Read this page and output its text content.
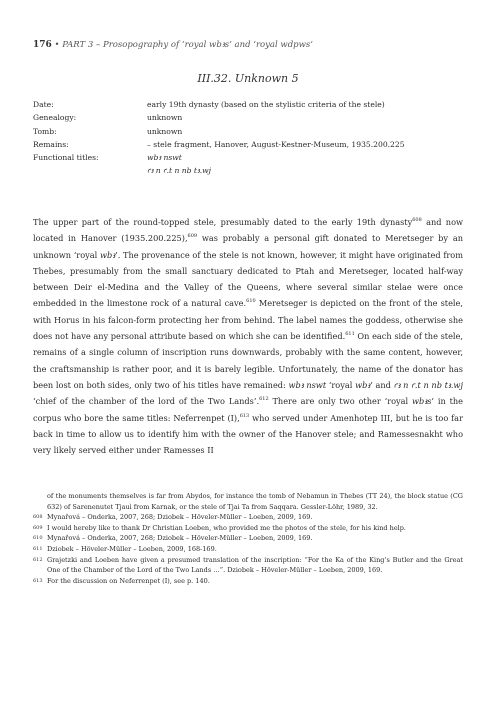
176 • PART 3 – Prosopography of ‘royal wbꜣs’ and ‘royal wdpws’
III.32. Unknown 5
Date:	early 19th dynasty (based on the stylistic criteria of the stele)
Genealogy:	unknown
Tomb:	unknown
Remains:	– stele fragment, Hanover, August-Kestner-Museum, 1935.200.225
Functional titles:	wbꜣ nswt
ꜥꜣ n ꜥ.t n nb tꜣ.wj
The upper part of the round-topped stele, presumably dated to the early 19th dynasty$^{608}$ and now located in Hanover (1935.200.225),$^{609}$ was probably a personal gift donated to Meretseger by an unknown ‘royal wbꜣ’. The provenance of the stele is not known, however, it might have originated from Thebes, presumably from the small sanctuary dedicated to Ptah and Meretseger, located half-way between Deir el-Medina and the Valley of the Queens, where several similar stelae were once embedded in the limestone rock of a natural cave.$^{610}$ Meretseger is depicted on the front of the stele, with Horus in his falcon-form protecting her from behind. The label names the goddess, otherwise she does not have any personal attribute based on which she can be identified.$^{611}$ On each side of the stele, remains of a single column of inscription runs downwards, probably with the same content, however, the craftsmanship is rather poor, and it is barely legible. Unfortunately, the name of the donator has been lost on both sides, only two of his titles have remained: wbꜣ nswt ‘royal wbꜣ’ and ꜥꜣ n ꜥ.t n nb tꜣ.wj ‘chief of the chamber of the lord of the Two Lands’.$^{612}$ There are only two other ‘royal wbꜣs’ in the corpus who bore the same titles: Neferrenpet (I),$^{613}$ who served under Amenhotep III, but he is too far back in time to allow us to identify him with the owner of the Hanover stele; and Ramessesnakht who very likely served either under Ramesses II
of the monuments themselves is far from Abydos, for instance the tomb of Nebamun in Thebes (TT 24), the block statue (CG 632) of Sarenenutet Tjauì from Karnak, or the stele of Tjai Ta from Saqqara. Gessler-Löhr, 1989, 32.
608 Mynařová – Onderka, 2007, 268; Dziobek – Höveler-Müller – Loeben, 2009, 169.
609 I would hereby like to thank Dr Christian Loeben, who provided me the photos of the stele, for his kind help.
610 Mynařová – Onderka, 2007, 268; Dziobek – Höveler-Müller – Loeben, 2009, 169.
611 Dziobek – Höveler-Müller – Loeben, 2009, 168-169.
612 Grajetzki and Loeben have given a presumed translation of the inscription: “For the Ka of the King’s Butler and the Great One of the Chamber of the Lord of the Two Lands …”. Dziobek – Höveler-Müller – Loeben, 2009, 169.
613 For the discussion on Neferrenpet (I), see p. 140.
